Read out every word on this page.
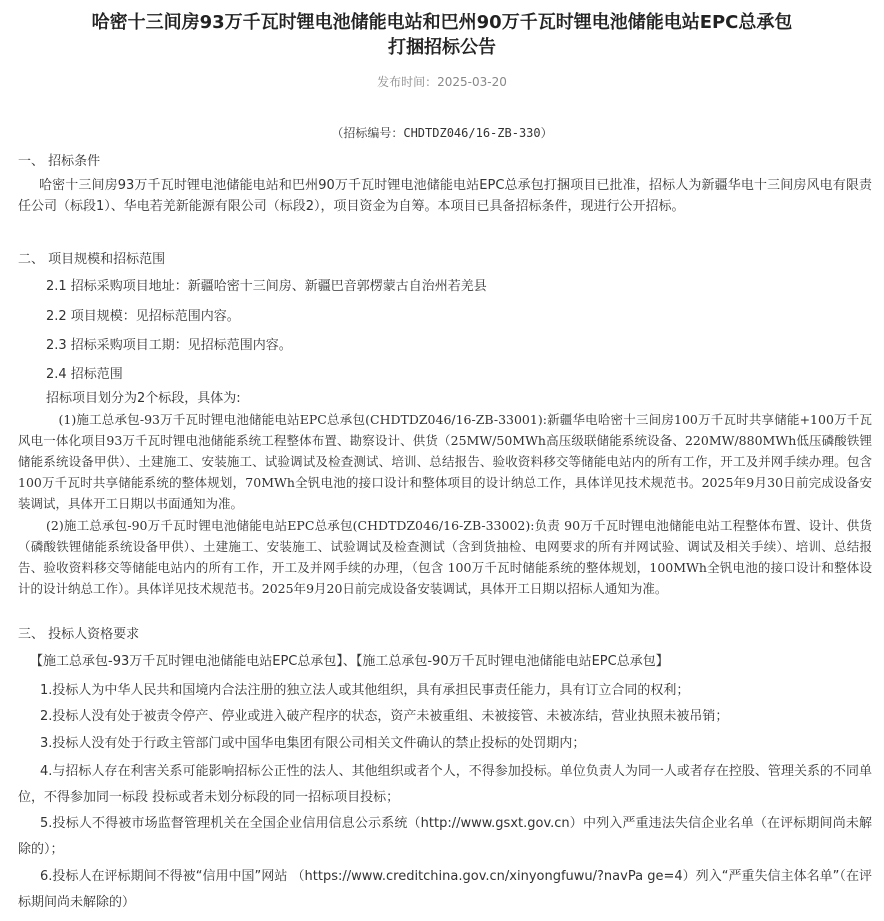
哈密十三间房93万千瓦时锂电池储能电站和巴州90万千瓦时锂电池储能电站EPC总承包
打捆招标公告
发布时间：2025-03-20

（招标编号：CHDTDZ046/16-ZB-330）

一、 招标条件

哈密十三间房93万千瓦时锂电池储能电站和巴州90万千瓦时锂电池储能电站EPC总承包打捆项目已批准，招标人为新疆华电十三间房风电有限责任公司（标段1）、华电若羌新能源有限公司（标段2），项目资金为自筹。本项目已具备招标条件，现进行公开招标。

二、 项目规模和招标范围

2.1 招标采购项目地址：新疆哈密十三间房、新疆巴音郭楞蒙古自治州若羌县

2.2 项目规模：见招标范围内容。

2.3 招标采购项目工期：见招标范围内容。

2.4 招标范围

招标项目划分为2个标段，具体为:

 (1)施工总承包-93万千瓦时锂电池储能电站EPC总承包(CHDTDZ046/16-ZB-33001):新疆华电哈密十三间房100万千瓦时共享储能+100万千瓦风电一体化项目93万千瓦时锂电池储能系统工程整体布置、勘察设计、供货（25MW/50MWh高压级联储能系统设备、220MW/880MWh低压磷酸铁锂储能系统设备甲供）、土建施工、安装施工、试验调试及检查测试、培训、总结报告、验收资料移交等储能电站内的所有工作，开工及并网手续办理。包含100万千瓦时共享储能系统的整体规划，70MWh全钒电池的接口设计和整体项目的设计纳总工作，具体详见技术规范书。2025年9月30日前完成设备安装调试，具体开工日期以书面通知为准。

(2)施工总承包-90万千瓦时锂电池储能电站EPC总承包(CHDTDZ046/16-ZB-33002):负责 90万千瓦时锂电池储能电站工程整体布置、设计、供货（磷酸铁锂储能系统设备甲供）、土建施工、安装施工、试验调试及检查测试（含到货抽检、电网要求的所有并网试验、调试及相关手续）、培训、总结报告、验收资料移交等储能电站内的所有工作，开工及并网手续的办理，（包含 100万千瓦时储能系统的整体规划，100MWh全钒电池的接口设计和整体设计的设计纳总工作）。具体详见技术规范书。2025年9月20日前完成设备安装调试，具体开工日期以招标人通知为准。

三、 投标人资格要求

【施工总承包-93万千瓦时锂电池储能电站EPC总承包】、【施工总承包-90万千瓦时锂电池储能电站EPC总承包】

1.投标人为中华人民共和国境内合法注册的独立法人或其他组织，具有承担民事责任能力，具有订立合同的权利；

2.投标人没有处于被责令停产、停业或进入破产程序的状态，资产未被重组、未被接管、未被冻结，营业执照未被吊销；

3.投标人没有处于行政主管部门或中国华电集团有限公司相关文件确认的禁止投标的处罚期内；

4.与招标人存在利害关系可能影响招标公正性的法人、其他组织或者个人，不得参加投标。单位负责人为同一人或者存在控股、管理关系的不同单位，不得参加同一标段 投标或者未划分标段的同一招标项目投标；

5.投标人不得被市场监督管理机关在全国企业信用信息公示系统（http://www.gsxt.gov.cn）中列入严重违法失信企业名单（在评标期间尚未解除的）；

6.投标人在评标期间不得被“信用中国”网站 （https://www.creditchina.gov.cn/xinyongfuwu/?navPa ge=4）列入“严重失信主体名单”（在评标期间尚未解除的）
